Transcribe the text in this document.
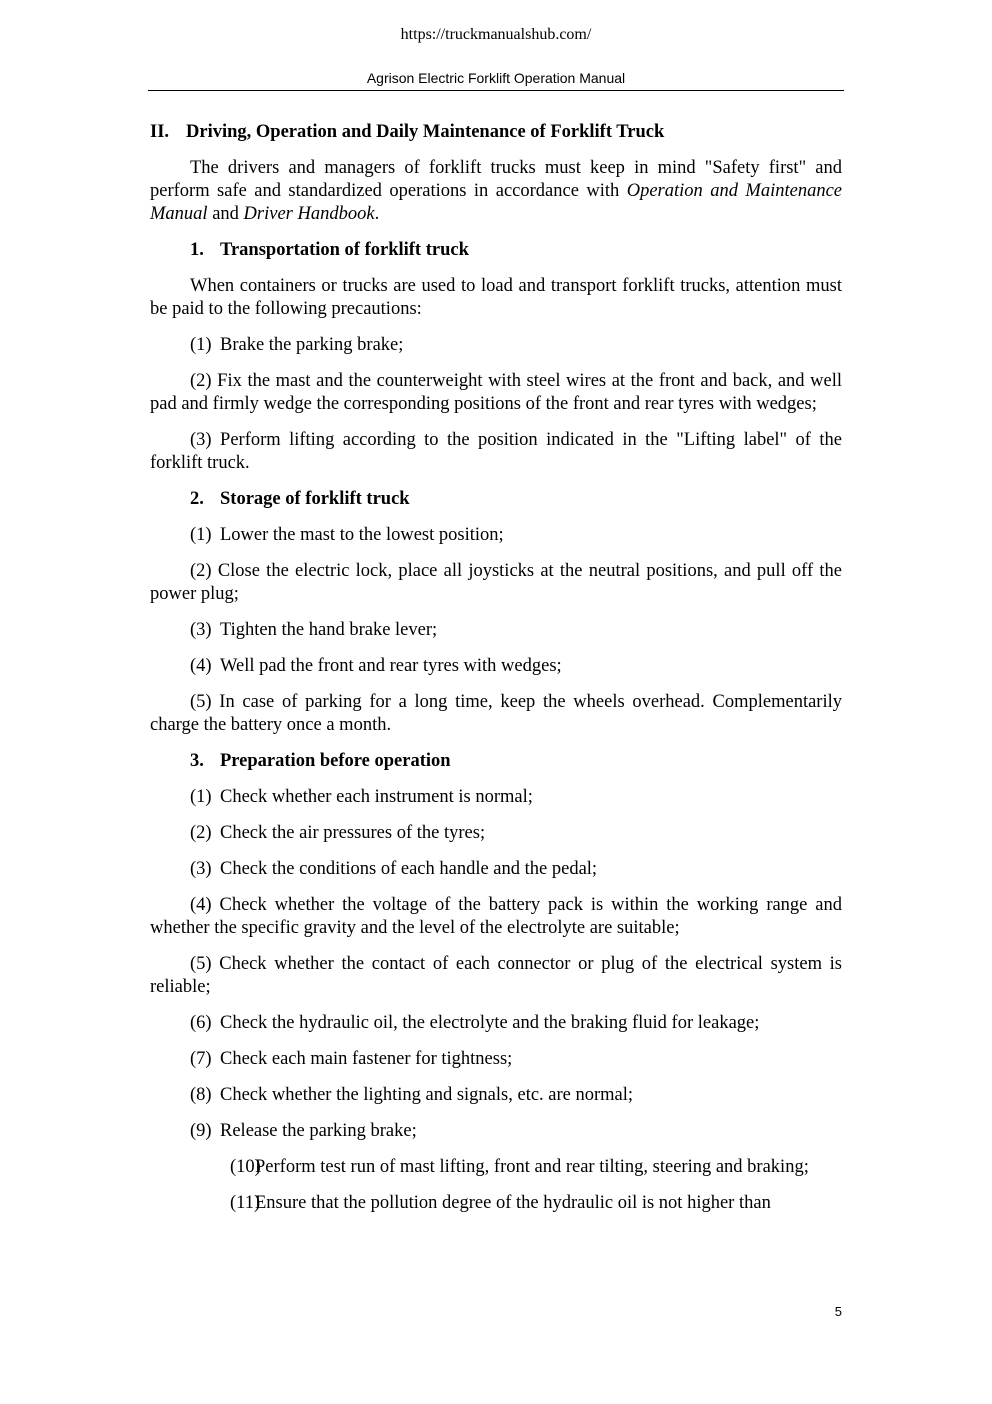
https://truckmanualshub.com/
Agrison Electric Forklift Operation Manual

II. Driving, Operation and Daily Maintenance of Forklift Truck

The drivers and managers of forklift trucks must keep in mind "Safety first" and perform safe and standardized operations in accordance with Operation and Maintenance Manual and Driver Handbook.

1. Transportation of forklift truck

When containers or trucks are used to load and transport forklift trucks, attention must be paid to the following precautions:

(1) Brake the parking brake;

(2) Fix the mast and the counterweight with steel wires at the front and back, and well pad and firmly wedge the corresponding positions of the front and rear tyres with wedges;

(3) Perform lifting according to the position indicated in the "Lifting label" of the forklift truck.

2. Storage of forklift truck

(1) Lower the mast to the lowest position;

(2) Close the electric lock, place all joysticks at the neutral positions, and pull off the power plug;

(3) Tighten the hand brake lever;

(4) Well pad the front and rear tyres with wedges;

(5) In case of parking for a long time, keep the wheels overhead. Complementarily charge the battery once a month.

3. Preparation before operation

(1) Check whether each instrument is normal;

(2) Check the air pressures of the tyres;

(3) Check the conditions of each handle and the pedal;

(4) Check whether the voltage of the battery pack is within the working range and whether the specific gravity and the level of the electrolyte are suitable;

(5) Check whether the contact of each connector or plug of the electrical system is reliable;

(6) Check the hydraulic oil, the electrolyte and the braking fluid for leakage;

(7) Check each main fastener for tightness;

(8) Check whether the lighting and signals, etc. are normal;

(9) Release the parking brake;

(10)Perform test run of mast lifting, front and rear tilting, steering and braking;

(11)Ensure that the pollution degree of the hydraulic oil is not higher than

5
